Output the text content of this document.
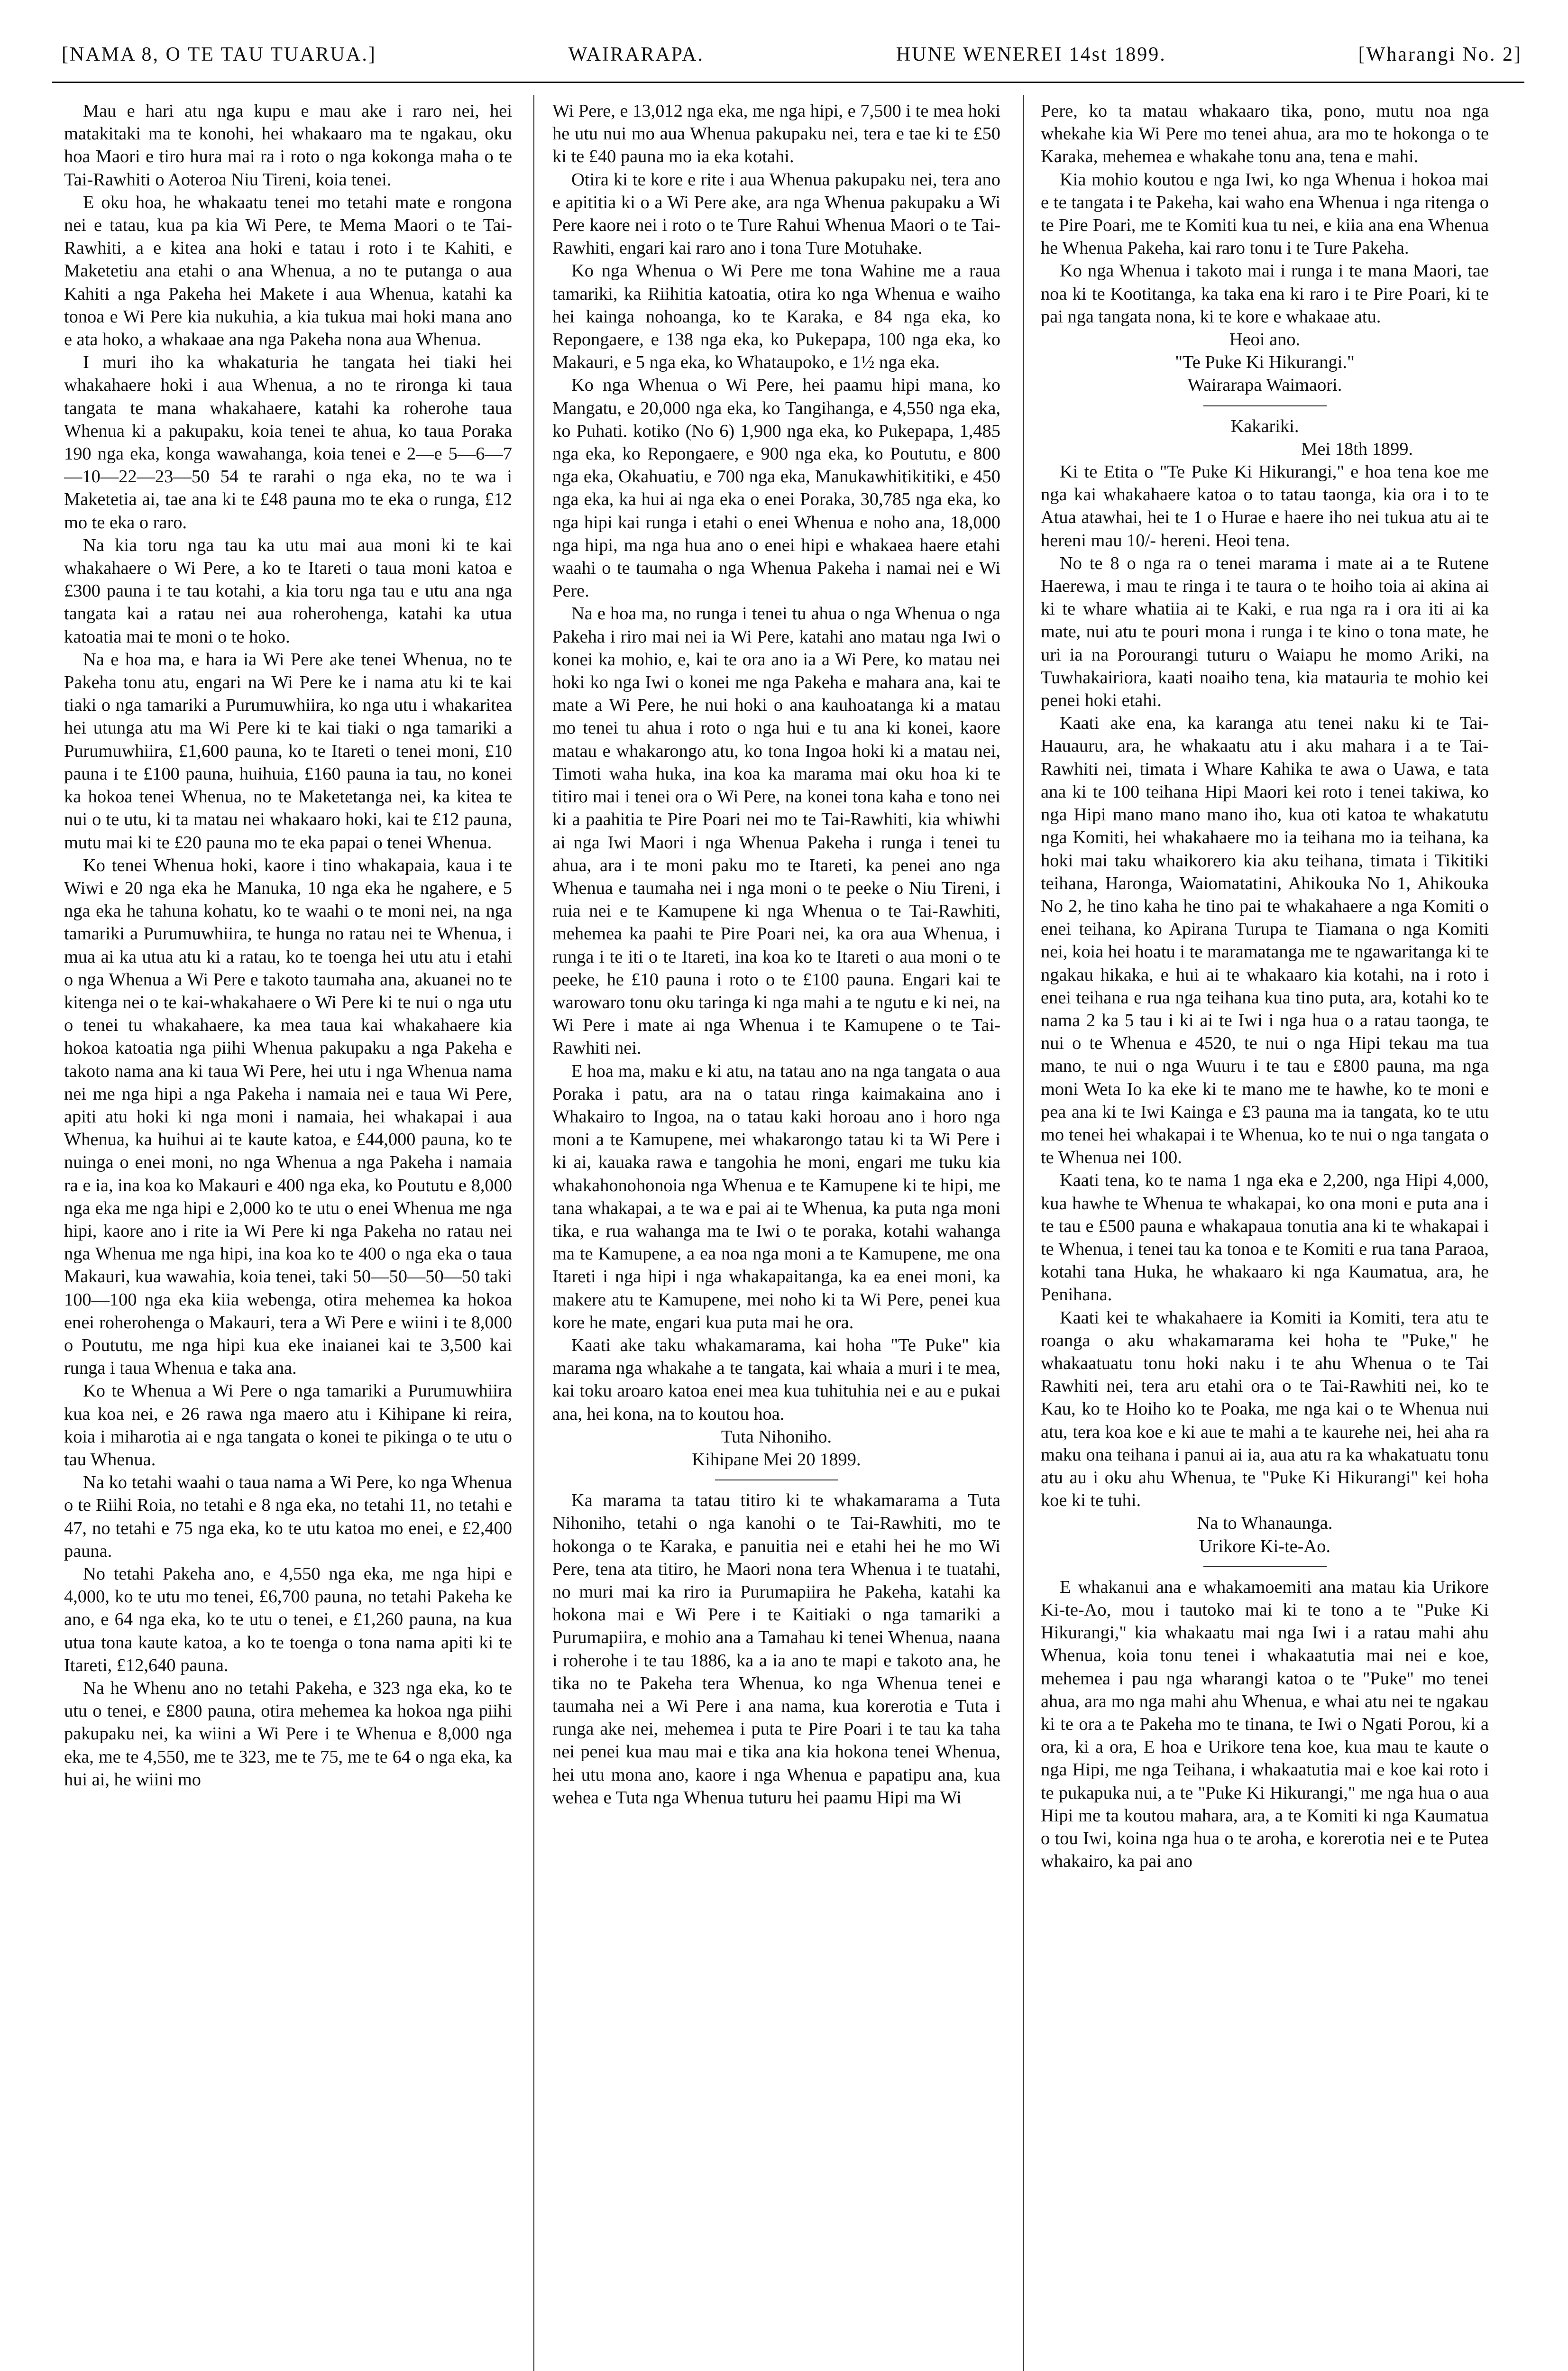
[NAMA 8, O TE TAU TUARUA.]	WAIRARAPA.	HUNE WENEREI 14st 1899.	[Wharangi No. 2]

Mau e hari atu nga kupu e mau ake i raro nei, hei matakitaki ma te konohi, hei whakaaro ma te ngakau, oku hoa Maori e tiro hura mai ra i roto o nga kokonga maha o te Tai-Rawhiti o Aoteroa Niu Tireni, koia tenei.

E oku hoa, he whakaatu tenei mo tetahi mate e rongona nei e tatau, kua pa kia Wi Pere, te Mema Maori o te Tai-Rawhiti, a e kitea ana hoki e tatau i roto i te Kahiti, e Maketetiu ana etahi o ana Whenua, a no te putanga o aua Kahiti a nga Pakeha hei Makete i aua Whenua, katahi ka tonoa e Wi Pere kia nukuhia, a kia tukua mai hoki mana ano e ata hoko, a whakaae ana nga Pakeha nona aua Whenua.

I muri iho ka whakaturia he tangata hei tiaki hei whakahaere hoki i aua Whenua, a no te rironga ki taua tangata te mana whakahaere, katahi ka roherohe taua Whenua ki a pakupaku, koia tenei te ahua, ko taua Poraka 190 nga eka, konga wawahanga, koia tenei e 2—e 5—6—7—10—22—23—50 54 te rarahi o nga eka, no te wa i Maketetia ai, tae ana ki te £48 pauna mo te eka o runga, £12 mo te eka o raro.

Na kia toru nga tau ka utu mai aua moni ki te kai whakahaere o Wi Pere, a ko te Itareti o taua moni katoa e £300 pauna i te tau kotahi, a kia toru nga tau e utu ana nga tangata kai a ratau nei aua roherohenga, katahi ka utua katoatia mai te moni o te hoko.

Na e hoa ma, e hara ia Wi Pere ake tenei Whenua, no te Pakeha tonu atu, engari na Wi Pere ke i nama atu ki te kai tiaki o nga tamariki a Purumuwhiira, ko nga utu i whakaritea hei utunga atu ma Wi Pere ki te kai tiaki o nga tamariki a Purumuwhiira, £1,600 pauna, ko te Itareti o tenei moni, £10 pauna i te £100 pauna, huihuia, £160 pauna ia tau, no konei ka hokoa tenei Whenua, no te Maketetanga nei, ka kitea te nui o te utu, ki ta matau nei whakaaro hoki, kai te £12 pauna, mutu mai ki te £20 pauna mo te eka papai o tenei Whenua.

Ko tenei Whenua hoki, kaore i tino whakapaia, kaua i te Wiwi e 20 nga eka he Manuka, 10 nga eka he ngahere, e 5 nga eka he tahuna kohatu, ko te waahi o te moni nei, na nga tamariki a Purumuwhiira, te hunga no ratau nei te Whenua, i mua ai ka utua atu ki a ratau, ko te toenga hei utu atu i etahi o nga Whenua a Wi Pere e takoto taumaha ana, akuanei no te kitenga nei o te kai-whakahaere o Wi Pere ki te nui o nga utu o tenei tu whakahaere, ka mea taua kai whakahaere kia hokoa katoatia nga piihi Whenua pakupaku a nga Pakeha e takoto nama ana ki taua Wi Pere, hei utu i nga Whenua nama nei me nga hipi a nga Pakeha i namaia nei e taua Wi Pere, apiti atu hoki ki nga moni i namaia, hei whakapai i aua Whenua, ka huihui ai te kaute katoa, e £44,000 pauna, ko te nuinga o enei moni, no nga Whenua a nga Pakeha i namaia ra e ia, ina koa ko Makauri e 400 nga eka, ko Poututu e 8,000 nga eka me nga hipi e 2,000 ko te utu o enei Whenua me nga hipi, kaore ano i rite ia Wi Pere ki nga Pakeha no ratau nei nga Whenua me nga hipi, ina koa ko te 400 o nga eka o taua Makauri, kua wawahia, koia tenei, taki 50—50—50—50 taki 100—100 nga eka kiia webenga, otira mehemea ka hokoa enei roherohenga o Makauri, tera a Wi Pere e wiini i te 8,000 o Poututu, me nga hipi kua eke inaianei kai te 3,500 kai runga i taua Whenua e taka ana.

Ko te Whenua a Wi Pere o nga tamariki a Purumuwhiira kua koa nei, e 26 rawa nga maero atu i Kihipane ki reira, koia i miharotia ai e nga tangata o konei te pikinga o te utu o tau Whenua.

Na ko tetahi waahi o taua nama a Wi Pere, ko nga Whenua o te Riihi Roia, no tetahi e 8 nga eka, no tetahi 11, no tetahi e 47, no tetahi e 75 nga eka, ko te utu katoa mo enei, e £2,400 pauna.

No tetahi Pakeha ano, e 4,550 nga eka, me nga hipi e 4,000, ko te utu mo tenei, £6,700 pauna, no tetahi Pakeha ke ano, e 64 nga eka, ko te utu o tenei, e £1,260 pauna, na kua utua tona kaute katoa, a ko te toenga o tona nama apiti ki te Itareti, £12,640 pauna.

Na he Whenu ano no tetahi Pakeha, e 323 nga eka, ko te utu o tenei, e £800 pauna, otira mehemea ka hokoa nga piihi pakupaku nei, ka wiini a Wi Pere i te Whenua e 8,000 nga eka, me te 4,550, me te 323, me te 75, me te 64 o nga eka, ka hui ai, he wiini mo

Wi Pere, e 13,012 nga eka, me nga hipi, e 7,500 i te mea hoki he utu nui mo aua Whenua pakupaku nei, tera e tae ki te £50 ki te £40 pauna mo ia eka kotahi.

Otira ki te kore e rite i aua Whenua pakupaku nei, tera ano e apititia ki o a Wi Pere ake, ara nga Whenua pakupaku a Wi Pere kaore nei i roto o te Ture Rahui Whenua Maori o te Tai-Rawhiti, engari kai raro ano i tona Ture Motuhake.

Ko nga Whenua o Wi Pere me tona Wahine me a raua tamariki, ka Riihitia katoatia, otira ko nga Whenua e waiho hei kainga nohoanga, ko te Karaka, e 84 nga eka, ko Repongaere, e 138 nga eka, ko Pukepapa, 100 nga eka, ko Makauri, e 5 nga eka, ko Whataupoko, e 1½ nga eka.

Ko nga Whenua o Wi Pere, hei paamu hipi mana, ko Mangatu, e 20,000 nga eka, ko Tangihanga, e 4,550 nga eka, ko Puhati. kotiko (No 6) 1,900 nga eka, ko Pukepapa, 1,485 nga eka, ko Repongaere, e 900 nga eka, ko Poututu, e 800 nga eka, Okahuatiu, e 700 nga eka, Manukawhitikitiki, e 450 nga eka, ka hui ai nga eka o enei Poraka, 30,785 nga eka, ko nga hipi kai runga i etahi o enei Whenua e noho ana, 18,000 nga hipi, ma nga hua ano o enei hipi e whakaea haere etahi waahi o te taumaha o nga Whenua Pakeha i namai nei e Wi Pere.

Na e hoa ma, no runga i tenei tu ahua o nga Whenua o nga Pakeha i riro mai nei ia Wi Pere, katahi ano matau nga Iwi o konei ka mohio, e, kai te ora ano ia a Wi Pere, ko matau nei hoki ko nga Iwi o konei me nga Pakeha e mahara ana, kai te mate a Wi Pere, he nui hoki o ana kauhoatanga ki a matau mo tenei tu ahua i roto o nga hui e tu ana ki konei, kaore matau e whakarongo atu, ko tona Ingoa hoki ki a matau nei, Timoti waha huka, ina koa ka marama mai oku hoa ki te titiro mai i tenei ora o Wi Pere, na konei tona kaha e tono nei ki a paahitia te Pire Poari nei mo te Tai-Rawhiti, kia whiwhi ai nga Iwi Maori i nga Whenua Pakeha i runga i tenei tu ahua, ara i te moni paku mo te Itareti, ka penei ano nga Whenua e taumaha nei i nga moni o te peeke o Niu Tireni, i ruia nei e te Kamupene ki nga Whenua o te Tai-Rawhiti, mehemea ka paahi te Pire Poari nei, ka ora aua Whenua, i runga i te iti o te Itareti, ina koa ko te Itareti o aua moni o te peeke, he £10 pauna i roto o te £100 pauna. Engari kai te warowaro tonu oku taringa ki nga mahi a te ngutu e ki nei, na Wi Pere i mate ai nga Whenua i te Kamupene o te Tai-Rawhiti nei.

E hoa ma, maku e ki atu, na tatau ano na nga tangata o aua Poraka i patu, ara na o tatau ringa kaimakaina ano i Whakairo to Ingoa, na o tatau kaki horoau ano i horo nga moni a te Kamupene, mei whakarongo tatau ki ta Wi Pere i ki ai, kauaka rawa e tangohia he moni, engari me tuku kia whakahonohonoia nga Whenua e te Kamupene ki te hipi, me tana whakapai, a te wa e pai ai te Whenua, ka puta nga moni tika, e rua wahanga ma te Iwi o te poraka, kotahi wahanga ma te Kamupene, a ea noa nga moni a te Kamupene, me ona Itareti i nga hipi i nga whakapaitanga, ka ea enei moni, ka makere atu te Kamupene, mei noho ki ta Wi Pere, penei kua kore he mate, engari kua puta mai he ora.

Kaati ake taku whakamarama, kai hoha "Te Puke" kia marama nga whakahe a te tangata, kai whaia a muri i te mea, kai toku aroaro katoa enei mea kua tuhituhia nei e au e pukai ana, hei kona, na to koutou hoa.

Tuta Nihoniho.

Kihipane Mei 20 1899.

Ka marama ta tatau titiro ki te whakamarama a Tuta Nihoniho, tetahi o nga kanohi o te Tai-Rawhiti, mo te hokonga o te Karaka, e panuitia nei e etahi hei he mo Wi Pere, tena ata titiro, he Maori nona tera Whenua i te tuatahi, no muri mai ka riro ia Purumapiira he Pakeha, katahi ka hokona mai e Wi Pere i te Kaitiaki o nga tamariki a Purumapiira, e mohio ana a Tamahau ki tenei Whenua, naana i roherohe i te tau 1886, ka a ia ano te mapi e takoto ana, he tika no te Pakeha tera Whenua, ko nga Whenua tenei e taumaha nei a Wi Pere i ana nama, kua korerotia e Tuta i runga ake nei, mehemea i puta te Pire Poari i te tau ka taha nei penei kua mau mai e tika ana kia hokona tenei Whenua, hei utu mona ano, kaore i nga Whenua e papatipu ana, kua wehea e Tuta nga Whenua tuturu hei paamu Hipi ma Wi

Pere, ko ta matau whakaaro tika, pono, mutu noa nga whekahe kia Wi Pere mo tenei ahua, ara mo te hokonga o te Karaka, mehemea e whakahe tonu ana, tena e mahi.

Kia mohio koutou e nga Iwi, ko nga Whenua i hokoa mai e te tangata i te Pakeha, kai waho ena Whenua i nga ritenga o te Pire Poari, me te Komiti kua tu nei, e kiia ana ena Whenua he Whenua Pakeha, kai raro tonu i te Ture Pakeha.

Ko nga Whenua i takoto mai i runga i te mana Maori, tae noa ki te Kootitanga, ka taka ena ki raro i te Pire Poari, ki te pai nga tangata nona, ki te kore e whakaae atu.

Heoi ano.

"Te Puke Ki Hikurangi."

Wairarapa Waimaori.

Kakariki.

Mei 18th 1899.

Ki te Etita o "Te Puke Ki Hikurangi," e hoa tena koe me nga kai whakahaere katoa o to tatau taonga, kia ora i to te Atua atawhai, hei te 1 o Hurae e haere iho nei tukua atu ai te hereni mau 10/- hereni. Heoi tena.

No te 8 o nga ra o tenei marama i mate ai a te Rutene Haerewa, i mau te ringa i te taura o te hoiho toia ai akina ai ki te whare whatiia ai te Kaki, e rua nga ra i ora iti ai ka mate, nui atu te pouri mona i runga i te kino o tona mate, he uri ia na Porourangi tuturu o Waiapu he momo Ariki, na Tuwhakairiora, kaati noaiho tena, kia matauria te mohio kei penei hoki etahi.

Kaati ake ena, ka karanga atu tenei naku ki te Tai-Hauauru, ara, he whakaatu atu i aku mahara i a te Tai-Rawhiti nei, timata i Whare Kahika te awa o Uawa, e tata ana ki te 100 teihana Hipi Maori kei roto i tenei takiwa, ko nga Hipi mano mano mano iho, kua oti katoa te whakatutu nga Komiti, hei whakahaere mo ia teihana mo ia teihana, ka hoki mai taku whaikorero kia aku teihana, timata i Tikitiki teihana, Haronga, Waiomatatini, Ahikouka No 1, Ahikouka No 2, he tino kaha he tino pai te whakahaere a nga Komiti o enei teihana, ko Apirana Turupa te Tiamana o nga Komiti nei, koia hei hoatu i te maramatanga me te ngawaritanga ki te ngakau hikaka, e hui ai te whakaaro kia kotahi, na i roto i enei teihana e rua nga teihana kua tino puta, ara, kotahi ko te nama 2 ka 5 tau i ki ai te Iwi i nga hua o a ratau taonga, te nui o te Whenua e 4520, te nui o nga Hipi tekau ma tua mano, te nui o nga Wuuru i te tau e £800 pauna, ma nga moni Weta Io ka eke ki te mano me te hawhe, ko te moni e pea ana ki te Iwi Kainga e £3 pauna ma ia tangata, ko te utu mo tenei hei whakapai i te Whenua, ko te nui o nga tangata o te Whenua nei 100.

Kaati tena, ko te nama 1 nga eka e 2,200, nga Hipi 4,000, kua hawhe te Whenua te whakapai, ko ona moni e puta ana i te tau e £500 pauna e whakapaua tonutia ana ki te whakapai i te Whenua, i tenei tau ka tonoa e te Komiti e rua tana Paraoa, kotahi tana Huka, he whakaaro ki nga Kaumatua, ara, he Penihana.

Kaati kei te whakahaere ia Komiti ia Komiti, tera atu te roanga o aku whakamarama kei hoha te "Puke," he whakaatuatu tonu hoki naku i te ahu Whenua o te Tai Rawhiti nei, tera aru etahi ora o te Tai-Rawhiti nei, ko te Kau, ko te Hoiho ko te Poaka, me nga kai o te Whenua nui atu, tera koa koe e ki aue te mahi a te kaurehe nei, hei aha ra maku ona teihana i panui ai ia, aua atu ra ka whakatuatu tonu atu au i oku ahu Whenua, te "Puke Ki Hikurangi" kei hoha koe ki te tuhi.

Na to Whanaunga.

Urikore Ki-te-Ao.

E whakanui ana e whakamoemiti ana matau kia Urikore Ki-te-Ao, mou i tautoko mai ki te tono a te "Puke Ki Hikurangi," kia whakaatu mai nga Iwi i a ratau mahi ahu Whenua, koia tonu tenei i whakaatutia mai nei e koe, mehemea i pau nga wharangi katoa o te "Puke" mo tenei ahua, ara mo nga mahi ahu Whenua, e whai atu nei te ngakau ki te ora a te Pakeha mo te tinana, te Iwi o Ngati Porou, ki a ora, ki a ora, E hoa e Urikore tena koe, kua mau te kaute o nga Hipi, me nga Teihana, i whakaatutia mai e koe kai roto i te pukapuka nui, a te "Puke Ki Hikurangi," me nga hua o aua Hipi me ta koutou mahara, ara, a te Komiti ki nga Kaumatua o tou Iwi, koina nga hua o te aroha, e korerotia nei e te Putea whakairo, ka pai ano
